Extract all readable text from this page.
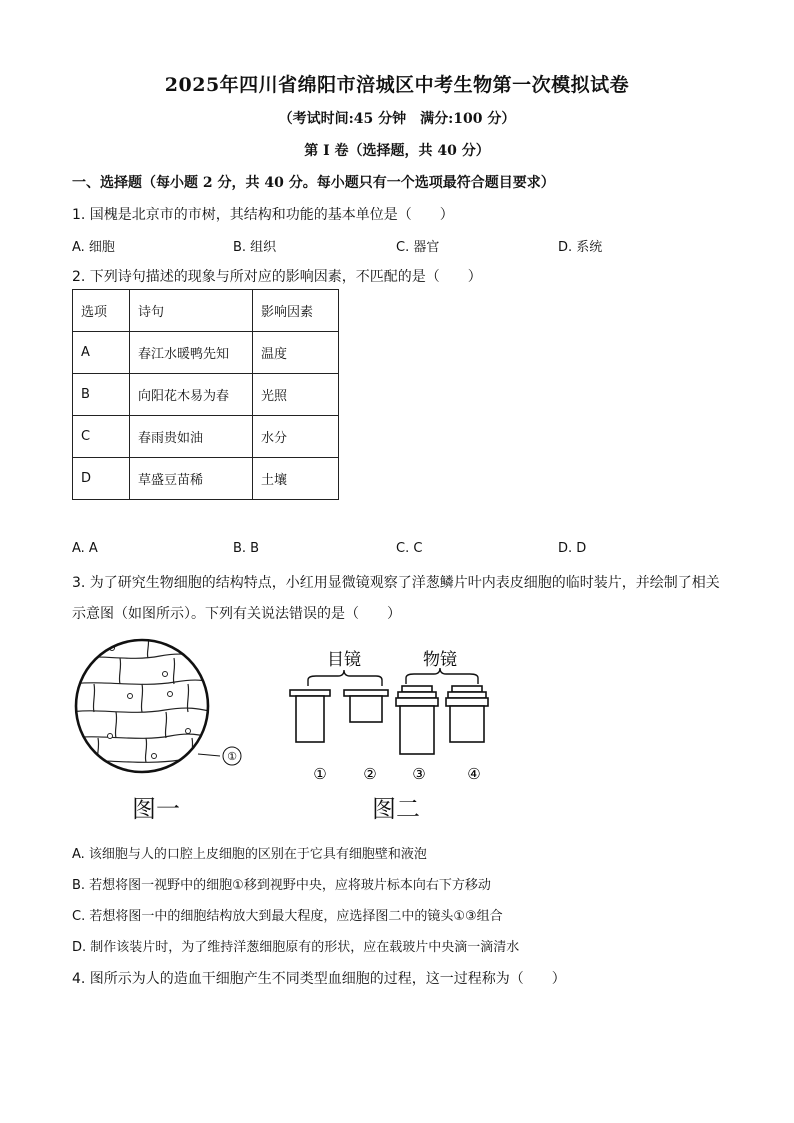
2025年四川省绵阳市涪城区中考生物第一次模拟试卷
（考试时间:45 分钟　满分:100 分）
第 I 卷（选择题，共 40 分）
一、选择题（每小题 2 分，共 40 分。每小题只有一个选项最符合题目要求）
1. 国槐是北京市的市树，其结构和功能的基本单位是（　　）
A. 细胞	B. 组织	C. 器官	D. 系统
2. 下列诗句描述的现象与所对应的影响因素，不匹配的是（　　）
选项	诗句	影响因素
A	春江水暖鸭先知	温度
B	向阳花木易为春	光照
C	春雨贵如油	水分
D	草盛豆苗稀	土壤
A. A	B. B	C. C	D. D
3. 为了研究生物细胞的结构特点，小红用显微镜观察了洋葱鳞片叶内表皮细胞的临时装片，并绘制了相关
示意图（如图所示）。下列有关说法错误的是（　　）
①
图一
目镜	物镜
① ② ③	④
图二
A. 该细胞与人的口腔上皮细胞的区别在于它具有细胞壁和液泡
B. 若想将图一视野中的细胞①移到视野中央，应将玻片标本向右下方移动
C. 若想将图一中的细胞结构放大到最大程度，应选择图二中的镜头①③组合
D. 制作该装片时，为了维持洋葱细胞原有的形状，应在载玻片中央滴一滴清水
4. 图所示为人的造血干细胞产生不同类型血细胞的过程，这一过程称为（　　）
